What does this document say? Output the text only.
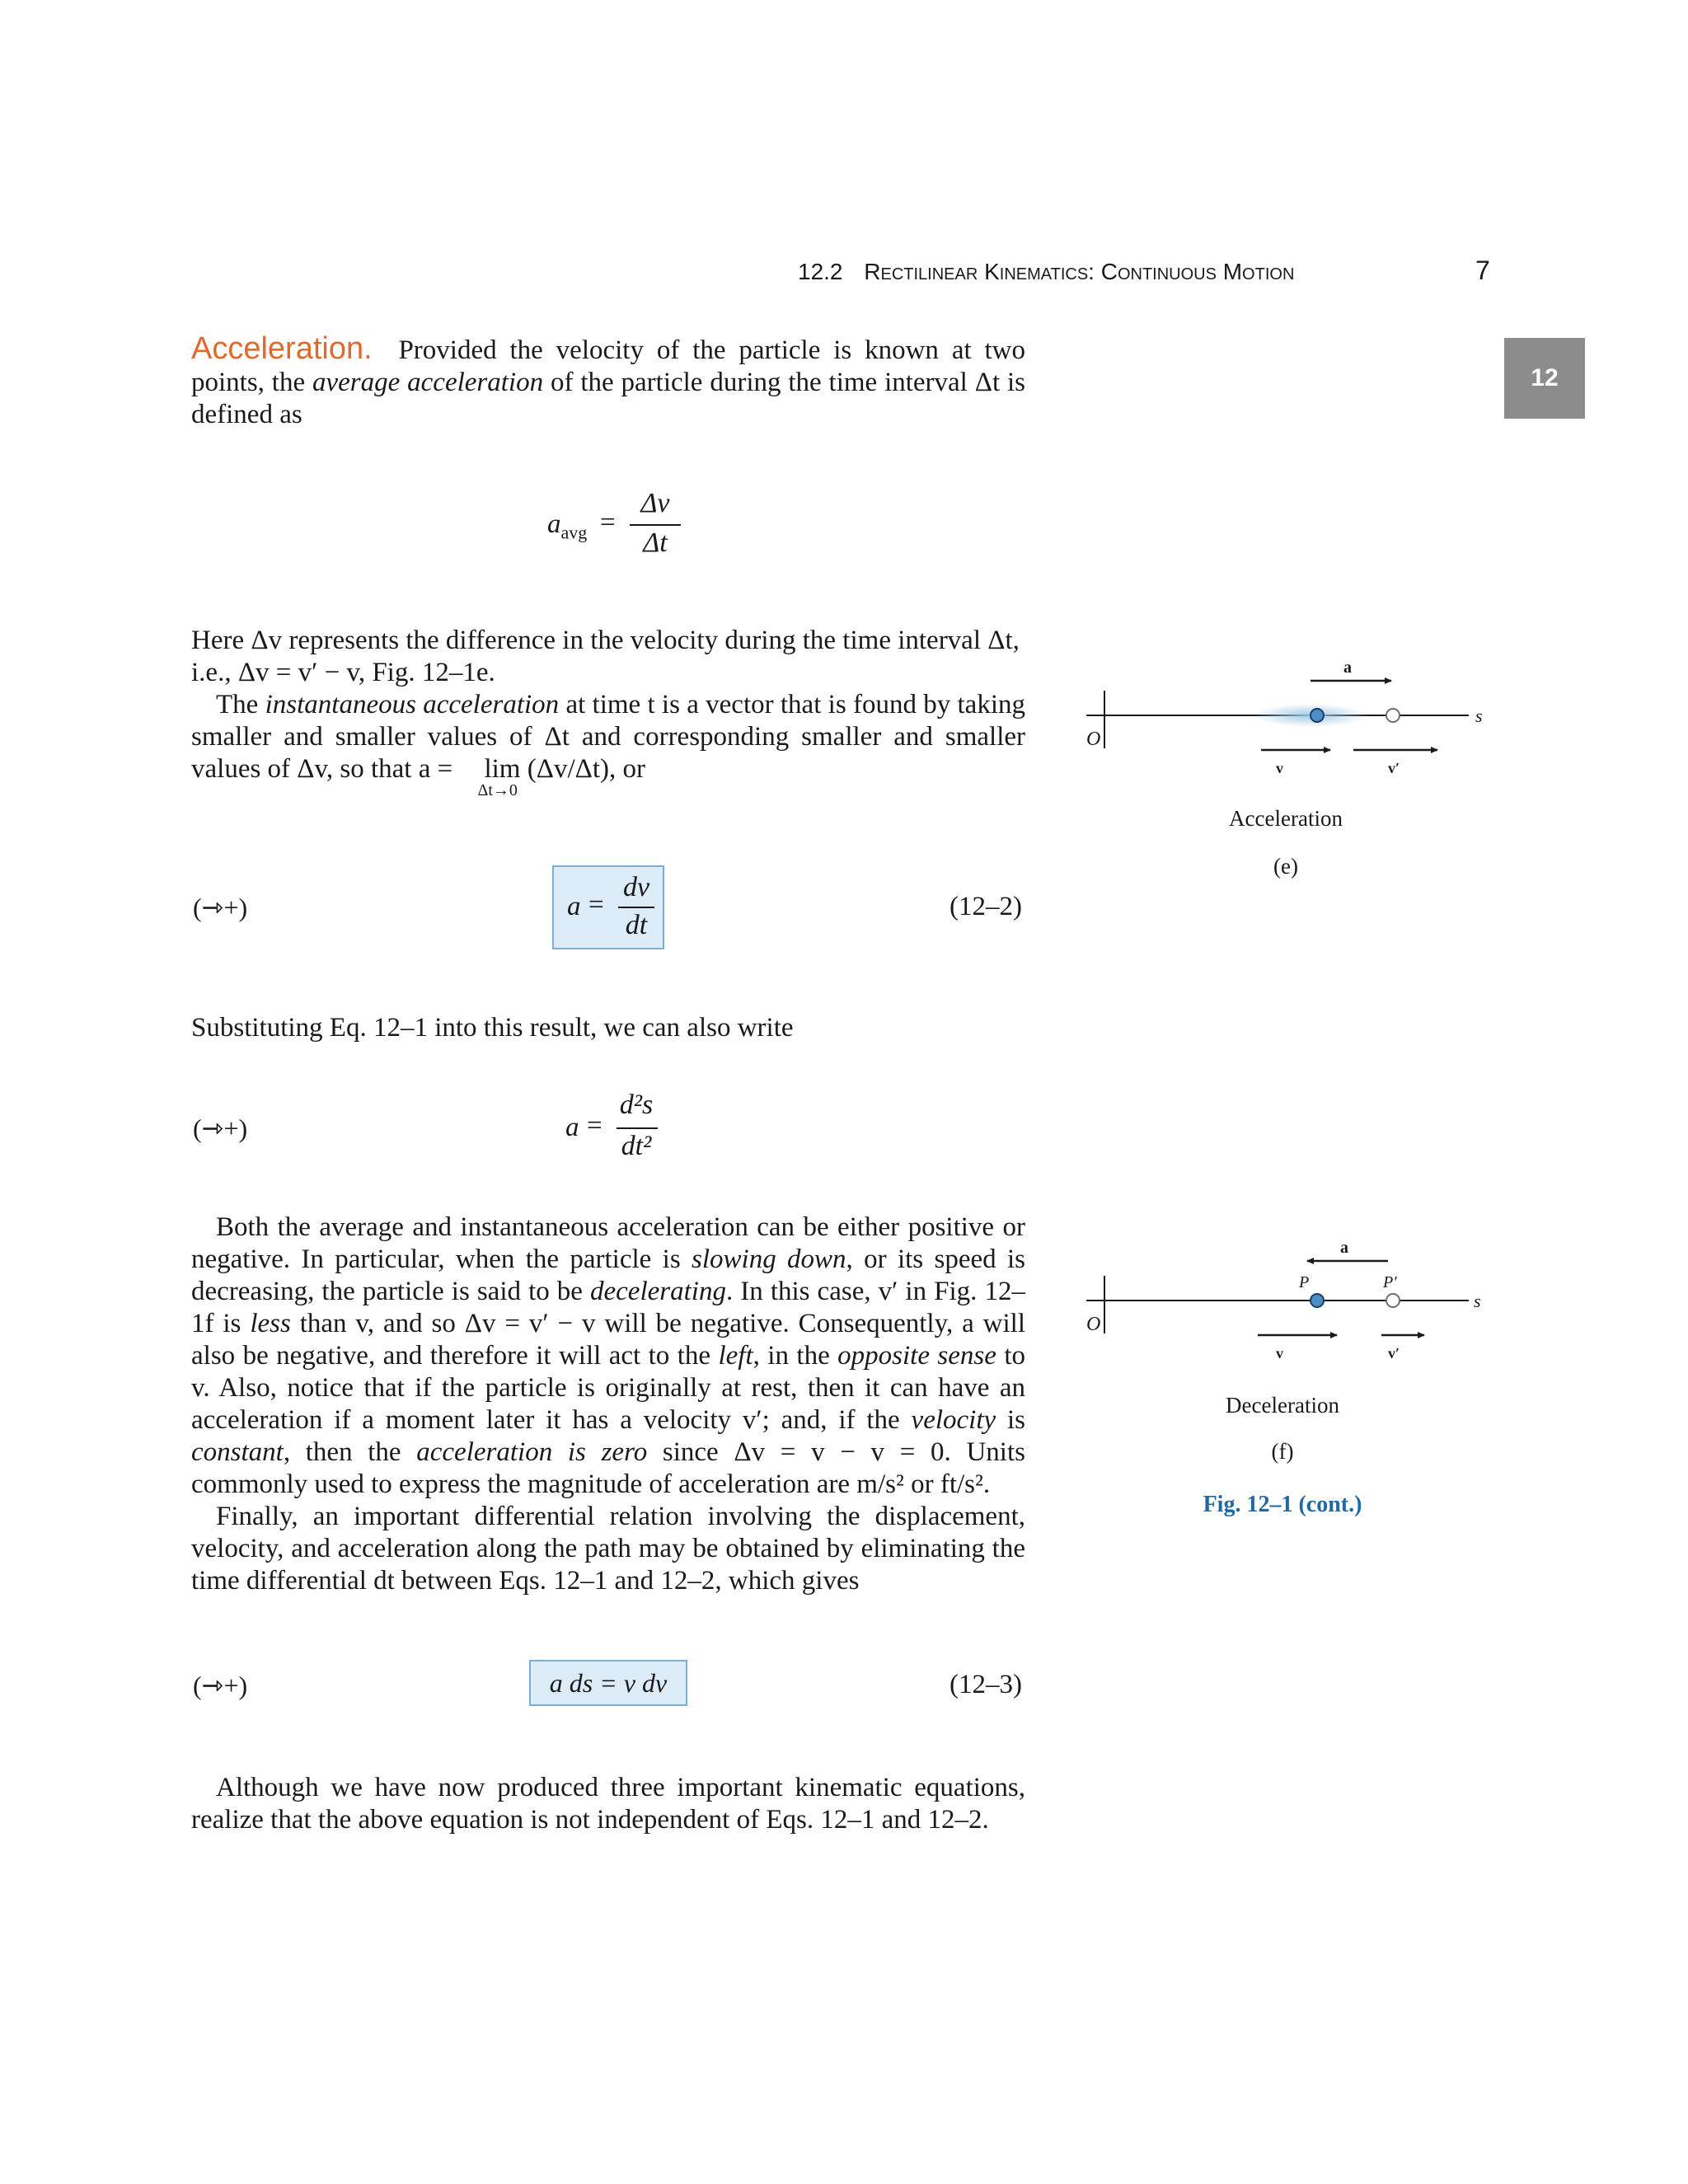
12.2 Rectilinear Kinematics: Continuous Motion	7
12

Acceleration. Provided the velocity of the particle is known at two points, the average acceleration of the particle during the time interval Δt is defined as

$a_{avg}$ =
Δv
Δt

Here Δv represents the difference in the velocity during the time interval Δt, i.e., Δv = v′ − v, Fig. 12–1e.

The instantaneous acceleration at time t is a vector that is found by taking smaller and smaller values of Δt and corresponding smaller and smaller values of Δv, so that a = lim
Δt→0
(Δv/Δt), or

(⇾+)	a =
dv
dt
(12–2)
Substituting Eq. 12–1 into this result, we can also write
(⇾+)	a =
d²s
dt²

Both the average and instantaneous acceleration can be either positive or negative. In particular, when the particle is slowing down, or its speed is decreasing, the particle is said to be decelerating. In this case, v′ in Fig. 12–1f is less than v, and so Δv = v′ − v will be negative. Consequently, a will also be negative, and therefore it will act to the left, in the opposite sense to v. Also, notice that if the particle is originally at rest, then it can have an acceleration if a moment later it has a velocity v′; and, if the velocity is constant, then the acceleration is zero since Δv = v − v = 0. Units commonly used to express the magnitude of acceleration are m/s² or ft/s².

Finally, an important differential relation involving the displacement, velocity, and acceleration along the path may be obtained by eliminating the time differential dt between Eqs. 12–1 and 12–2, which gives

(⇾+)	a ds = v dv	(12–3)

Although we have now produced three important kinematic equations, realize that the above equation is not independent of Eqs. 12–1 and 12–2.

O
s
a
v	v′
Acceleration
(e)
O
s
P	P′
a
v	v′
Deceleration
(f)
Fig. 12–1 (cont.)
